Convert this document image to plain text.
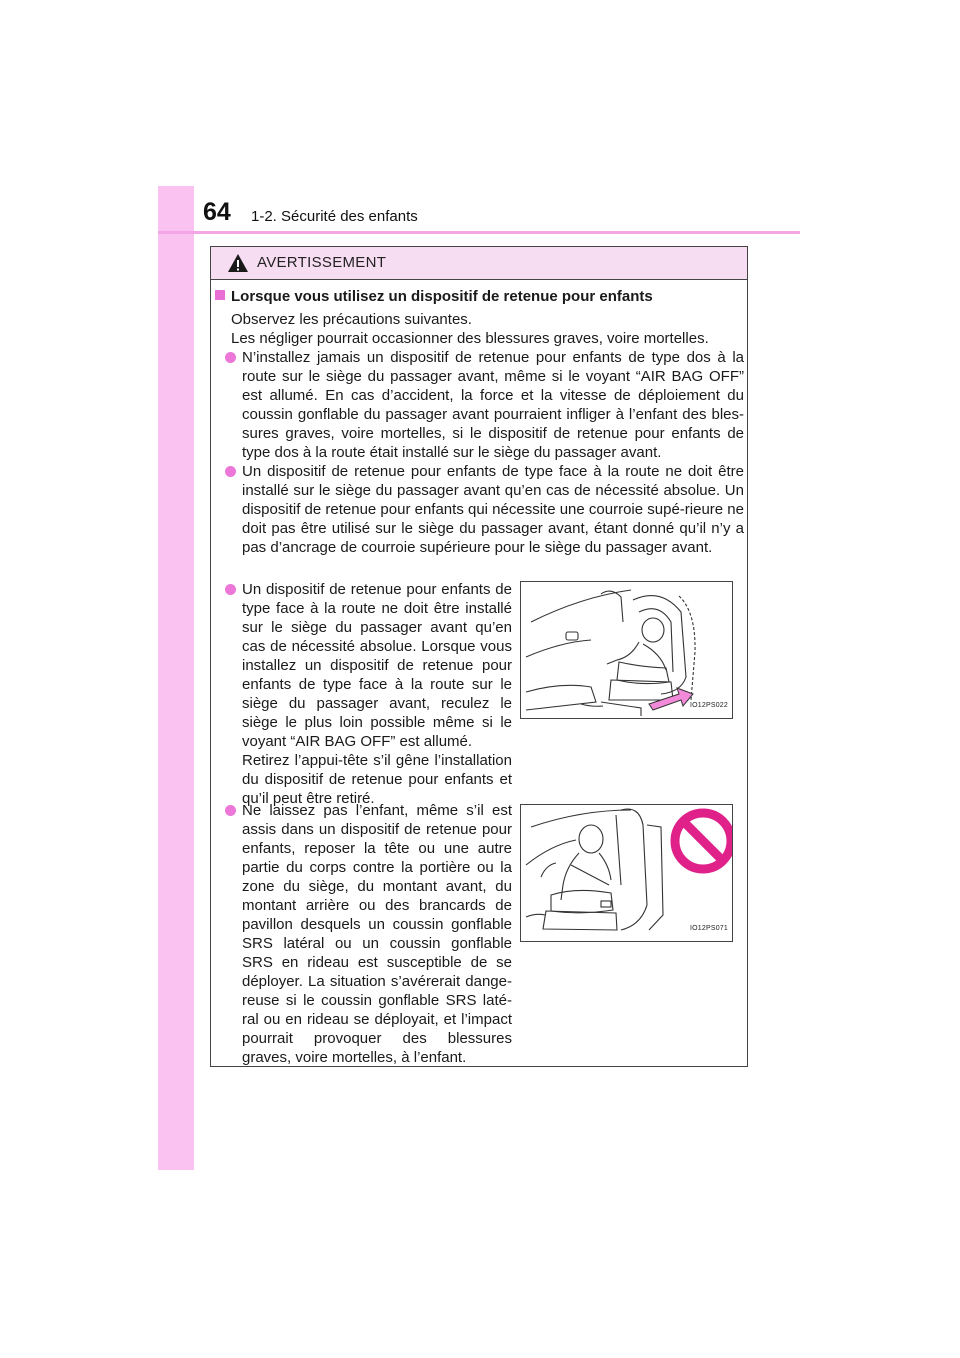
64 1-2. Sécurité des enfants
AVERTISSEMENT
Lorsque vous utilisez un dispositif de retenue pour enfants
Observez les précautions suivantes.
Les négliger pourrait occasionner des blessures graves, voire mortelles.
N’installez jamais un dispositif de retenue pour enfants de type dos à la route sur le siège du passager avant, même si le voyant “AIR BAG OFF” est allumé. En cas d’accident, la force et la vitesse de déploiement du coussin gonflable du passager avant pourraient infliger à l’enfant des bles-sures graves, voire mortelles, si le dispositif de retenue pour enfants de type dos à la route était installé sur le siège du passager avant.
Un dispositif de retenue pour enfants de type face à la route ne doit être installé sur le siège du passager avant qu’en cas de nécessité absolue. Un dispositif de retenue pour enfants qui nécessite une courroie supé-rieure ne doit pas être utilisé sur le siège du passager avant, étant donné qu’il n’y a pas d’ancrage de courroie supérieure pour le siège du passager avant.
Un dispositif de retenue pour enfants de type face à la route ne doit être installé sur le siège du passager avant qu’en cas de nécessité absolue. Lorsque vous installez un dispositif de retenue pour enfants de type face à la route sur le siège du passager avant, reculez le siège le plus loin possible même si le voyant “AIR BAG OFF” est allumé.
Retirez l’appui-tête s’il gêne l’installation du dispositif de retenue pour enfants et qu’il peut être retiré.
IO12PS022
Ne laissez pas l’enfant, même s’il est assis dans un dispositif de retenue pour enfants, reposer la tête ou une autre partie du corps contre la portière ou la zone du siège, du montant avant, du montant arrière ou des brancards de pavillon desquels un coussin gonflable SRS latéral ou un coussin gonflable SRS en rideau est susceptible de se déployer. La situation s’avérerait dange-reuse si le coussin gonflable SRS laté-ral ou en rideau se déployait, et l’impact pourrait provoquer des blessures graves, voire mortelles, à l’enfant.
IO12PS071
